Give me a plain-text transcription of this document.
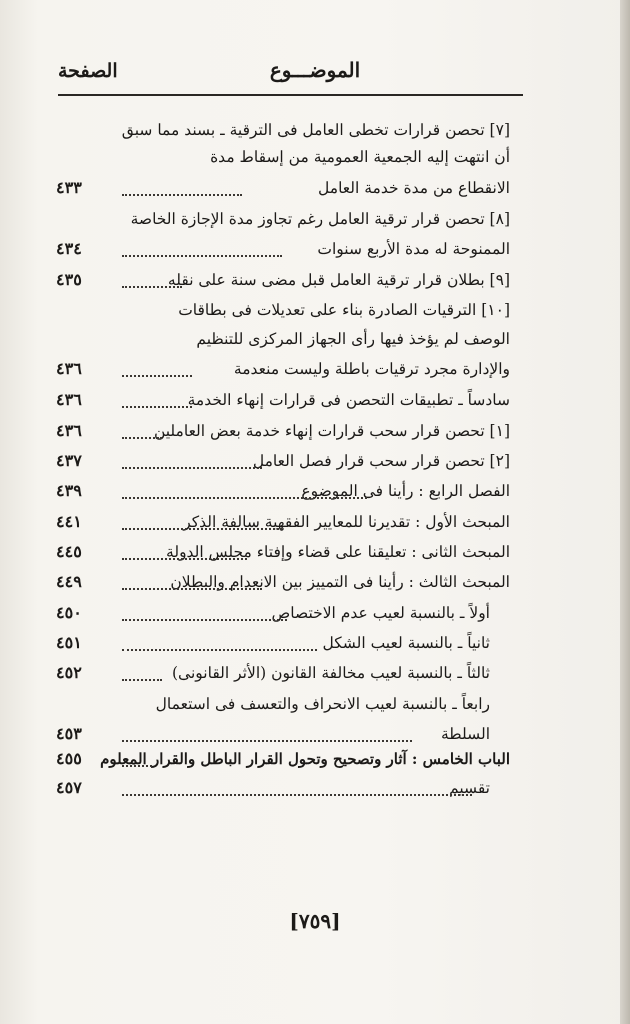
الموضـــوع
الصفحة
[٧] تحصن قرارات تخطى العامل فى الترقية ـ بسند مما سبق
أن انتهت إليه الجمعية العمومية من إسقاط مدة
الانقطاع من مدة خدمة العامل
٤٣٣
[٨] تحصن قرار ترقية العامل رغم تجاوز مدة الإجازة الخاصة
الممنوحة له مدة الأربع سنوات
٤٣٤
[٩] بطلان قرار ترقية العامل قبل مضى سنة على نقله
٤٣٥
[١٠] الترقيات الصادرة بناء على تعديلات فى بطاقات
الوصف لم يؤخذ فيها رأى الجهاز المركزى للتنظيم
والإدارة مجرد ترقيات باطلة وليست منعدمة
٤٣٦
سادساً ـ تطبيقات التحصن فى قرارات إنهاء الخدمة
٤٣٦
[١] تحصن قرار سحب قرارات إنهاء خدمة بعض العاملين
٤٣٦
[٢] تحصن قرار سحب قرار فصل العامل
٤٣٧
الفصل الرابع : رأينا فى الموضوع
٤٣٩
المبحث الأول : تقديرنا للمعايير الفقهية سالفة الذكر
٤٤١
المبحث الثانى : تعليقنا على قضاء وإفتاء مجلس الدولة
٤٤٥
المبحث الثالث : رأينا فى التمييز بين الانعدام والبطلان
٤٤٩
أولاً ـ بالنسبة لعيب عدم الاختصاص
٤٥٠
ثانياً ـ بالنسبة لعيب الشكل
٤٥١
ثالثاً ـ بالنسبة لعيب مخالفة القانون (الأثر القانونى)
٤٥٢
رابعاً ـ بالنسبة لعيب الانحراف والتعسف فى استعمال
السلطة
٤٥٣
الباب الخامس : آثار وتصحيح وتحول القرار الباطل والقرار المعلوم
٤٥٥
تقسيم
٤٥٧
[٧٥٩]
